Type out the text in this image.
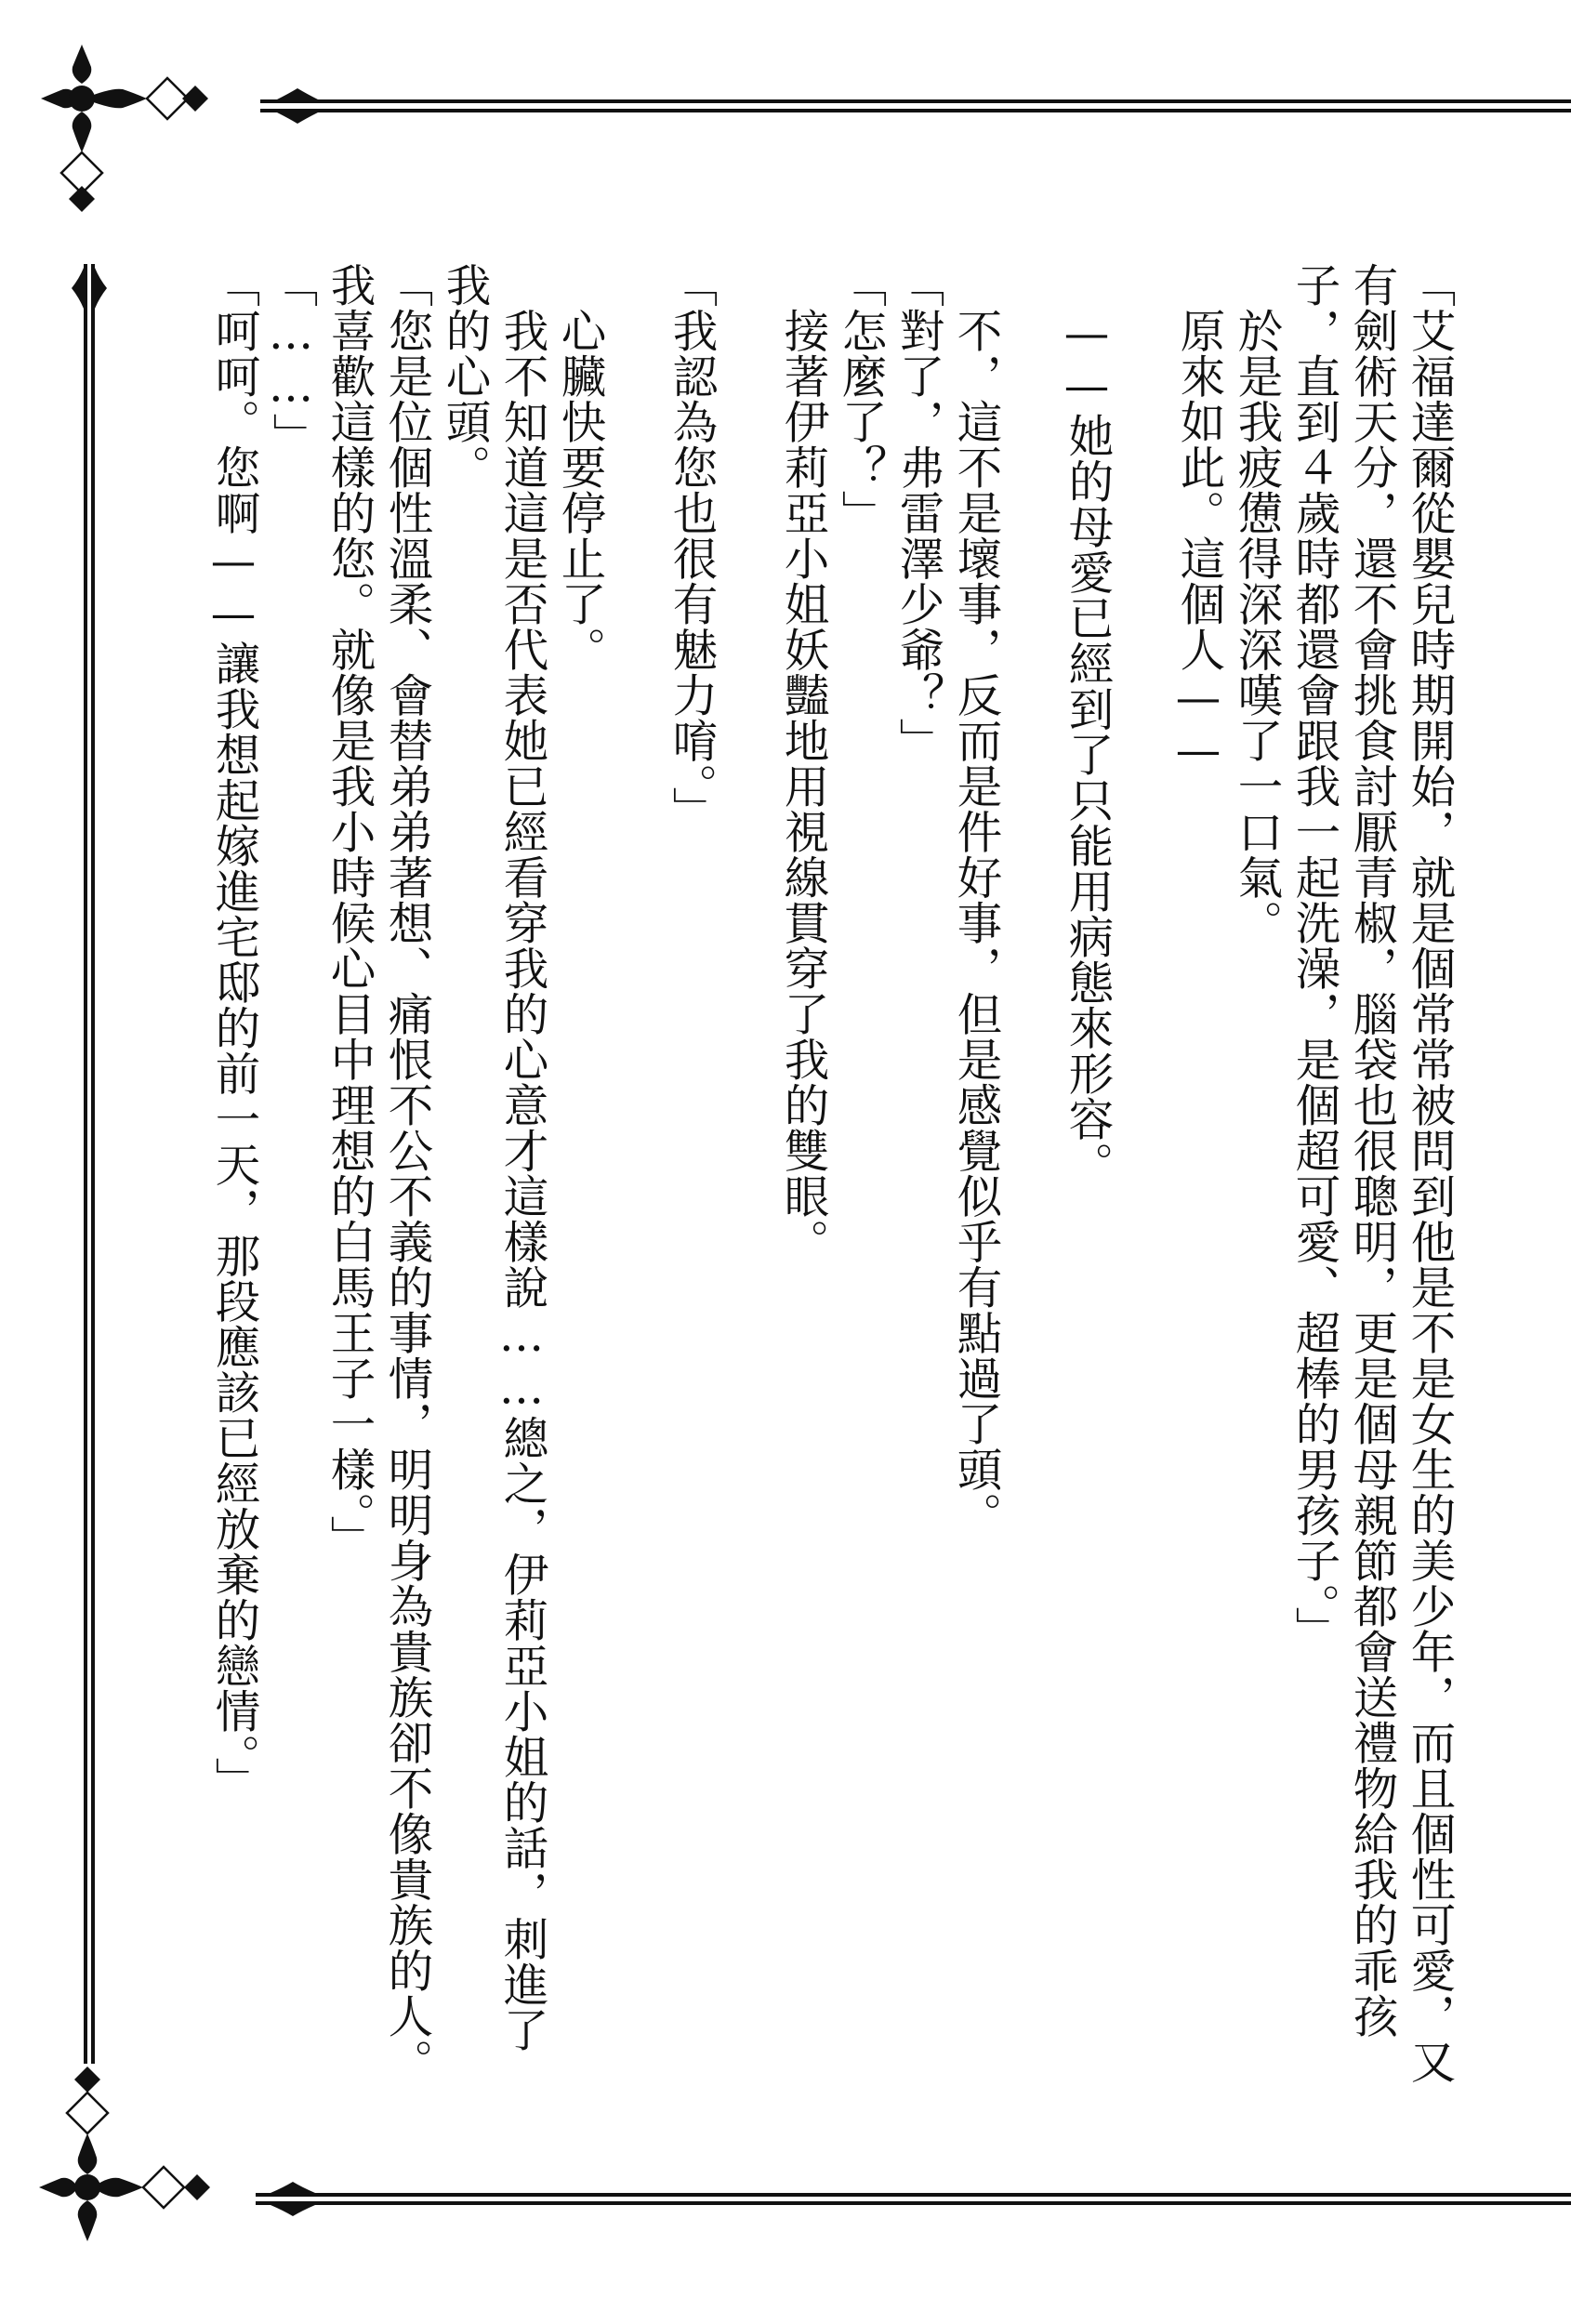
「艾福達爾從嬰兒時期開始，就是個常常被問到他是不是女生的美少年，而且個性可愛，又有劍術天分，還不會挑食討厭青椒，腦袋也很聰明，更是個母親節都會送禮物給我的乖孩子，直到４歲時都還會跟我一起洗澡，是個超可愛、超棒的男孩子。」

於是我疲憊得深深嘆了一口氣。

原來如此。這個人——

——她的母愛已經到了只能用病態來形容。

不，這不是壞事，反而是件好事，但是感覺似乎有點過了頭。

「對了，弗雷澤少爺？」

「怎麼了？」

接著伊莉亞小姐妖豔地用視線貫穿了我的雙眼。

「我認為您也很有魅力唷。」

心臟快要停止了。

我不知道這是否代表她已經看穿我的心意才這樣說……總之，伊莉亞小姐的話，刺進了我的心頭。

「您是位個性溫柔、會替弟弟著想、痛恨不公不義的事情，明明身為貴族卻不像貴族的人。我喜歡這樣的您。就像是我小時候心目中理想的白馬王子一樣。」

「……」

「呵呵。您啊——讓我想起嫁進宅邸的前一天，那段應該已經放棄的戀情。」
